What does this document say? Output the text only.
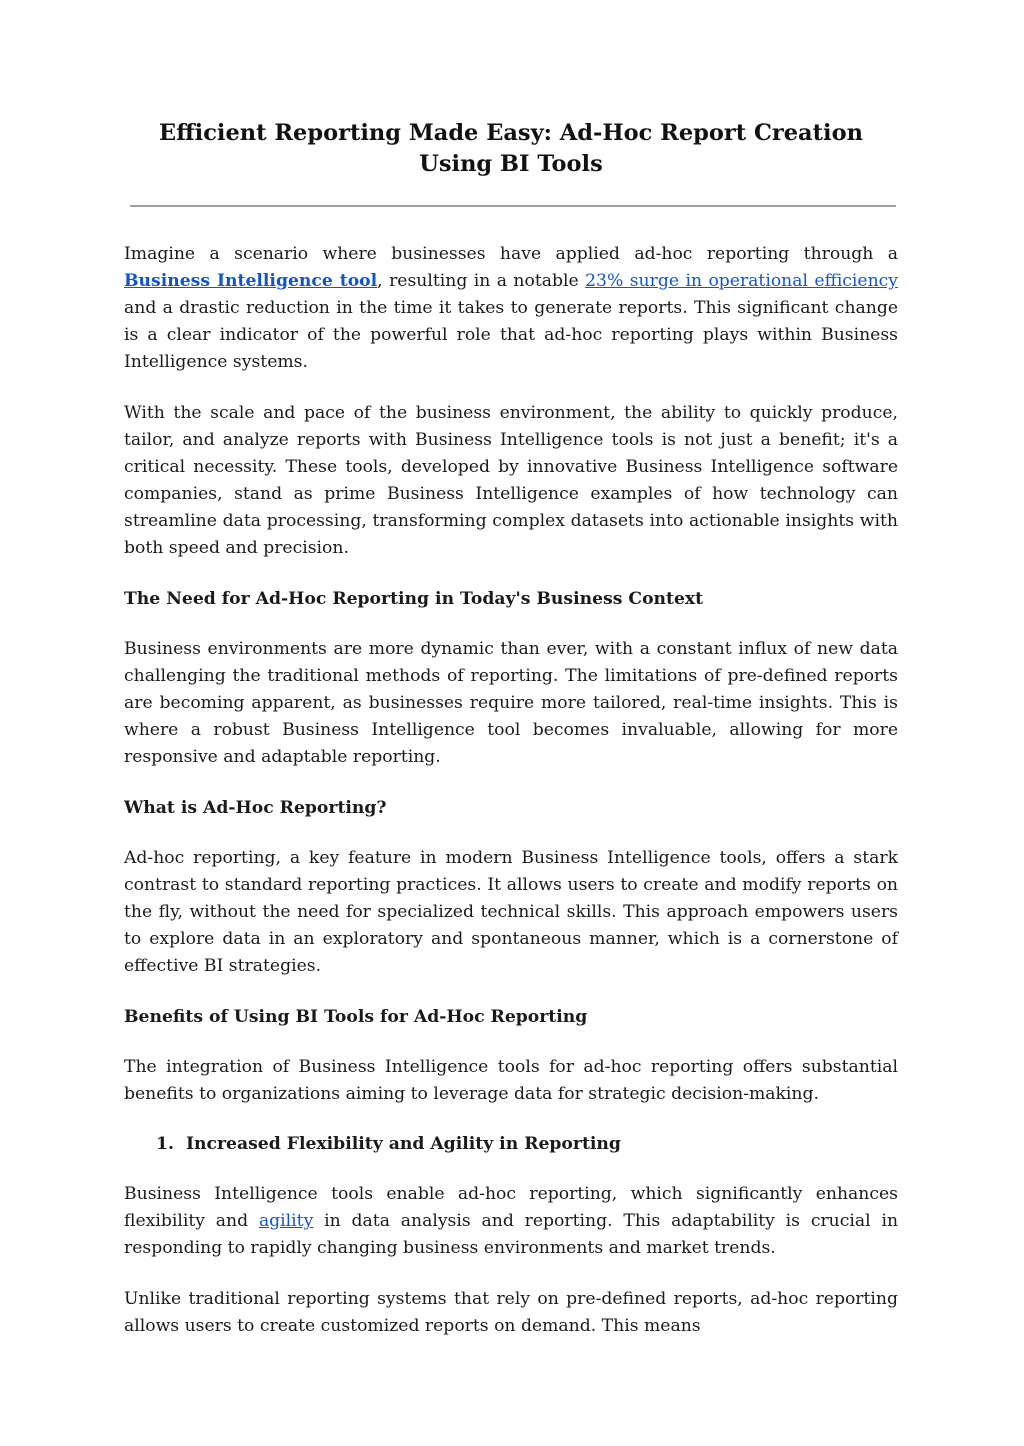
Efficient Reporting Made Easy: Ad-Hoc Report Creation Using BI Tools

Imagine a scenario where businesses have applied ad-hoc reporting through a Business Intelligence tool, resulting in a notable 23% surge in operational efficiency and a drastic reduction in the time it takes to generate reports. This significant change is a clear indicator of the powerful role that ad-hoc reporting plays within Business Intelligence systems.

With the scale and pace of the business environment, the ability to quickly produce, tailor, and analyze reports with Business Intelligence tools is not just a benefit; it's a critical necessity. These tools, developed by innovative Business Intelligence software companies, stand as prime Business Intelligence examples of how technology can streamline data processing, transforming complex datasets into actionable insights with both speed and precision.

The Need for Ad-Hoc Reporting in Today's Business Context

Business environments are more dynamic than ever, with a constant influx of new data challenging the traditional methods of reporting. The limitations of pre-defined reports are becoming apparent, as businesses require more tailored, real-time insights. This is where a robust Business Intelligence tool becomes invaluable, allowing for more responsive and adaptable reporting.

What is Ad-Hoc Reporting?

Ad-hoc reporting, a key feature in modern Business Intelligence tools, offers a stark contrast to standard reporting practices. It allows users to create and modify reports on the fly, without the need for specialized technical skills. This approach empowers users to explore data in an exploratory and spontaneous manner, which is a cornerstone of effective BI strategies.

Benefits of Using BI Tools for Ad-Hoc Reporting

The integration of Business Intelligence tools for ad-hoc reporting offers substantial benefits to organizations aiming to leverage data for strategic decision-making.

1. Increased Flexibility and Agility in Reporting

Business Intelligence tools enable ad-hoc reporting, which significantly enhances flexibility and agility in data analysis and reporting. This adaptability is crucial in responding to rapidly changing business environments and market trends.

Unlike traditional reporting systems that rely on pre-defined reports, ad-hoc reporting allows users to create customized reports on demand. This means
